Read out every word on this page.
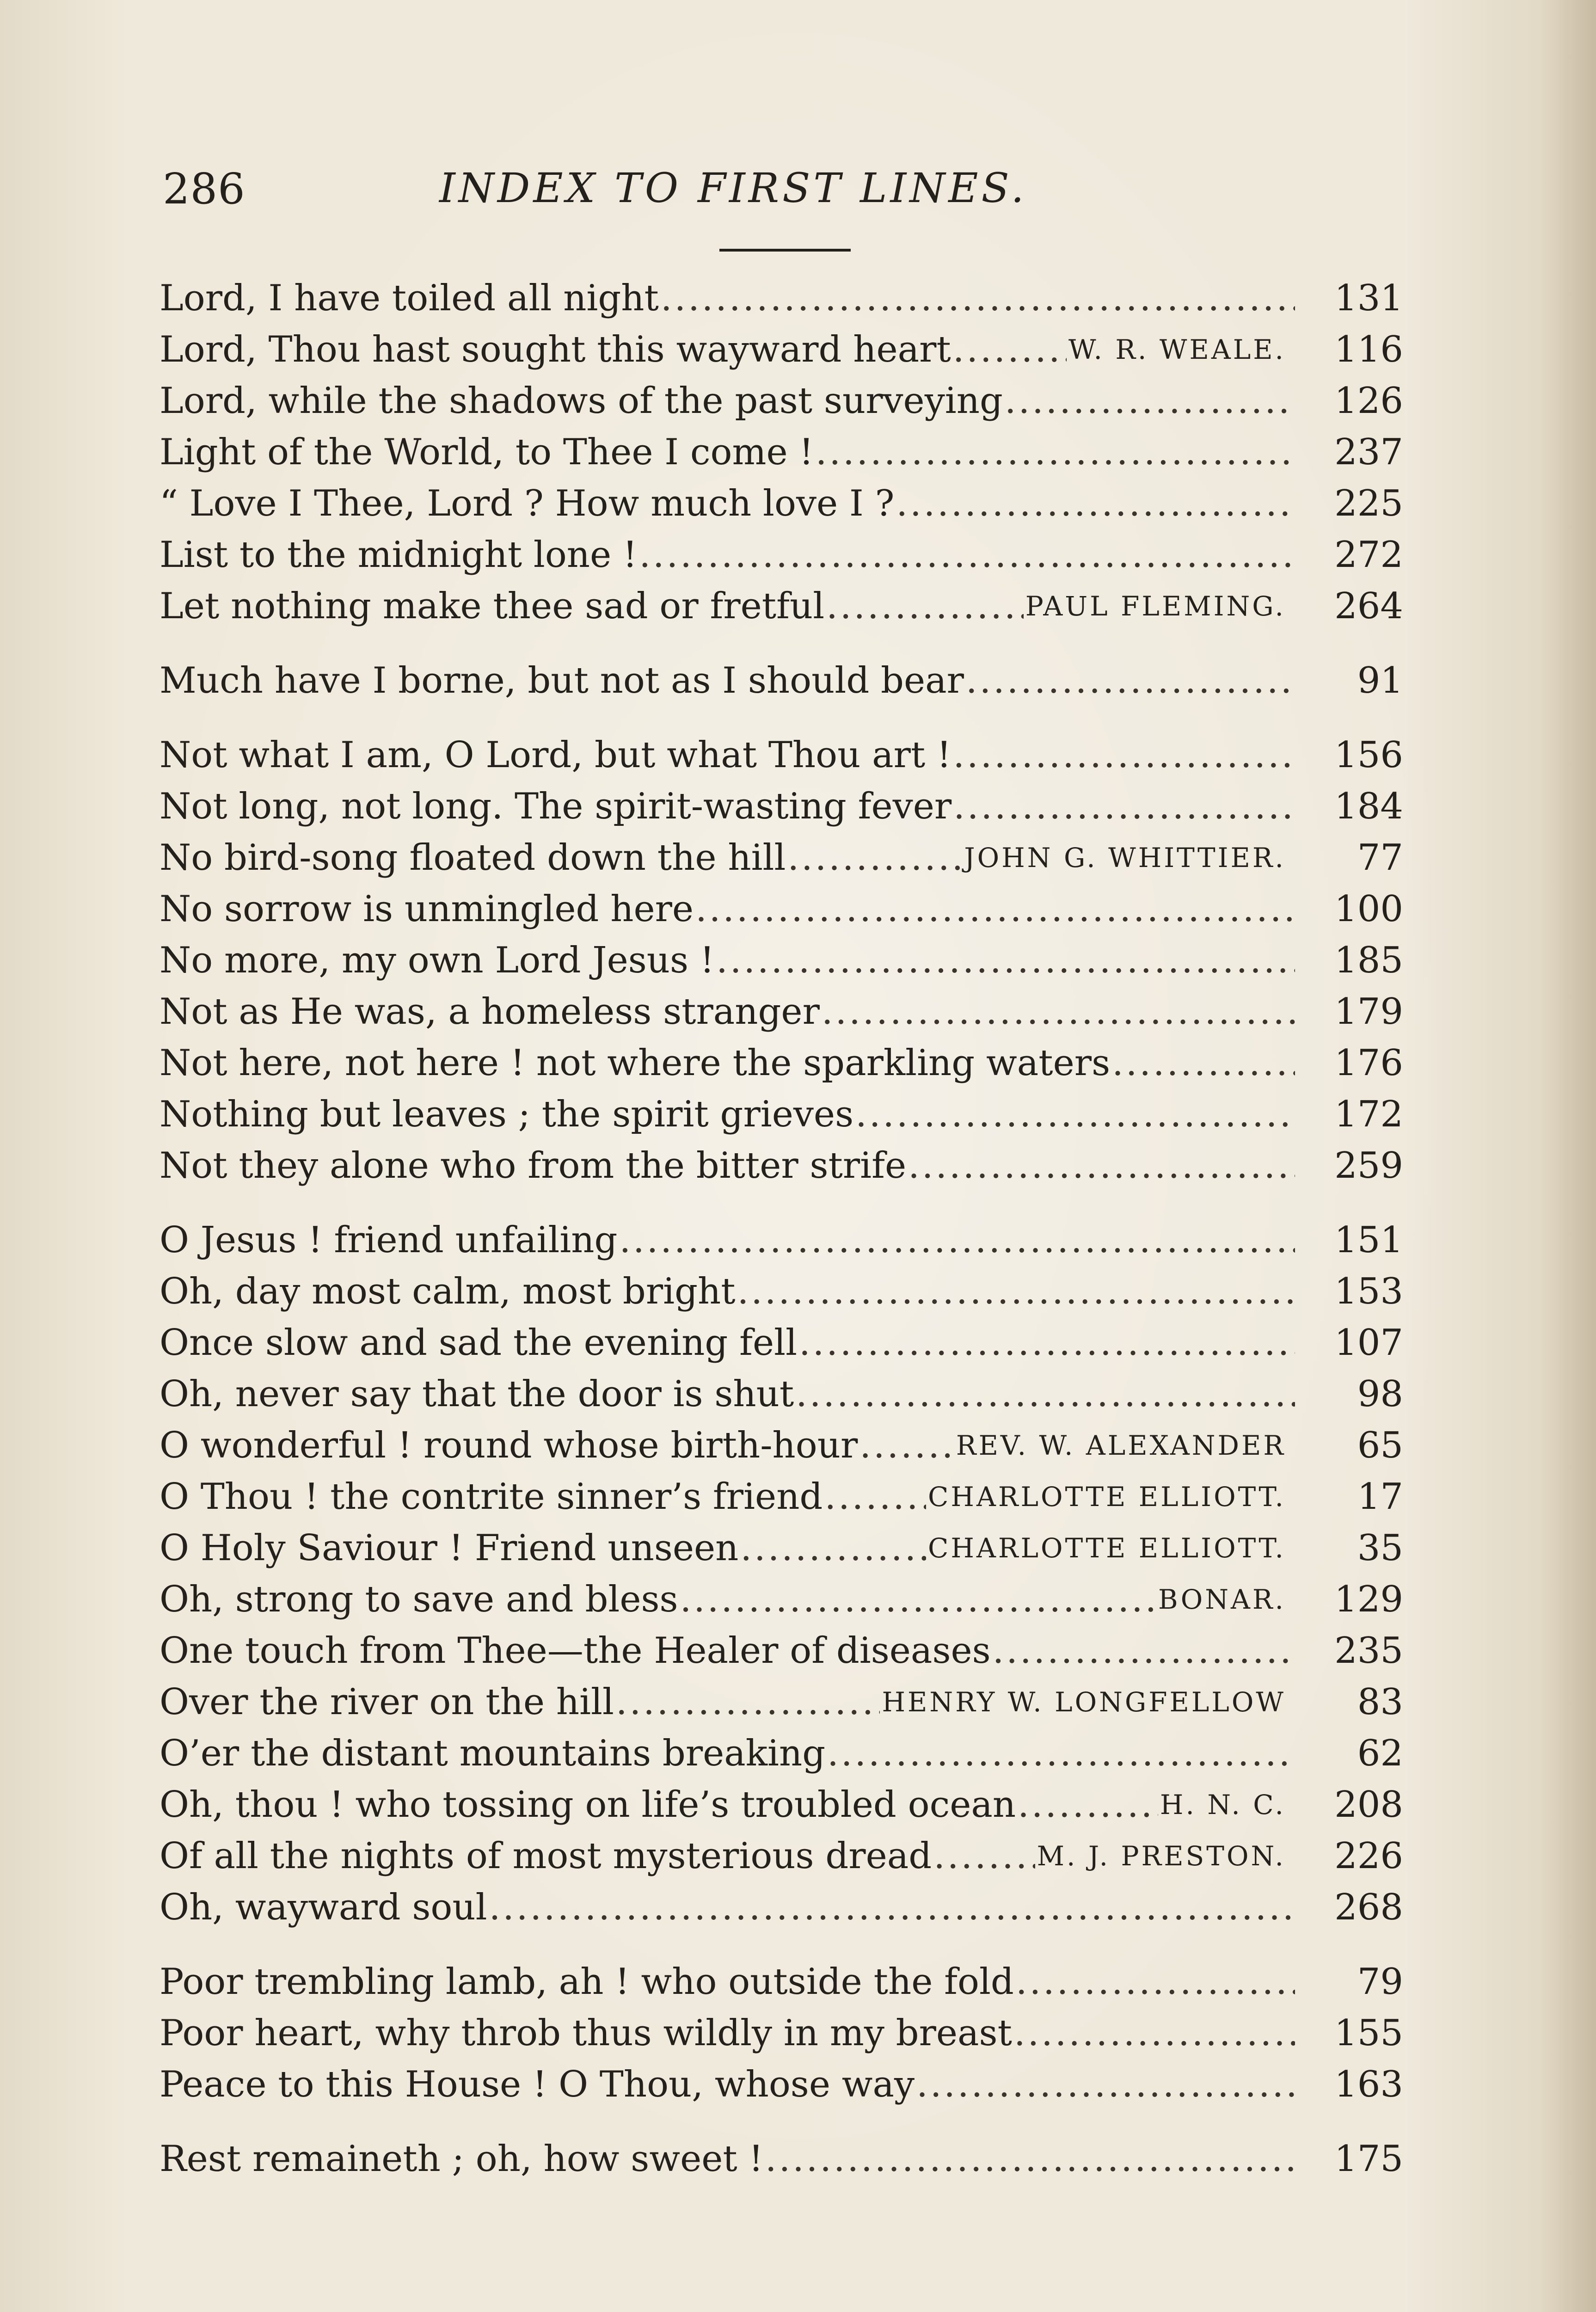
286	INDEX TO FIRST LINES.
Lord, I have toiled all night . . .	131
Lord, Thou hast sought this wayward heart . . .	W. R. WEALE.	116
Lord, while the shadows of the past surveying . . .	126
Light of the World, to Thee I come ! . . .	237
“ Love I Thee, Lord ? How much love I ? . . .	225
List to the midnight lone ! . . .	272
Let nothing make thee sad or fretful . . .	PAUL FLEMING.	264
Much have I borne, but not as I should bear . . .	91
Not what I am, O Lord, but what Thou art ! . . .	156
Not long, not long. The spirit-wasting fever . . .	184
No bird-song floated down the hill . . .	JOHN G. WHITTIER.	77
No sorrow is unmingled here . . .	100
No more, my own Lord Jesus ! . . .	185
Not as He was, a homeless stranger . . .	179
Not here, not here ! not where the sparkling waters . . .	176
Nothing but leaves ; the spirit grieves . . .	172
Not they alone who from the bitter strife . . .	259
O Jesus ! friend unfailing . . .	151
Oh, day most calm, most bright . . .	153
Once slow and sad the evening fell . . .	107
Oh, never say that the door is shut . . .	98
O wonderful ! round whose birth-hour . . .	REV. W. ALEXANDER	65
O Thou ! the contrite sinner’s friend . . .	CHARLOTTE ELLIOTT.	17
O Holy Saviour ! Friend unseen . . .	CHARLOTTE ELLIOTT.	35
Oh, strong to save and bless . . .	BONAR.	129
One touch from Thee—the Healer of diseases . . .	235
Over the river on the hill . . .	HENRY W. LONGFELLOW	83
O’er the distant mountains breaking . . .	62
Oh, thou ! who tossing on life’s troubled ocean . . .	H. N. C.	208
Of all the nights of most mysterious dread . . .	M. J. PRESTON.	226
Oh, wayward soul . . .	268
Poor trembling lamb, ah ! who outside the fold . . .	79
Poor heart, why throb thus wildly in my breast . . .	155
Peace to this House ! O Thou, whose way . . .	163
Rest remaineth ; oh, how sweet ! . . .	175
